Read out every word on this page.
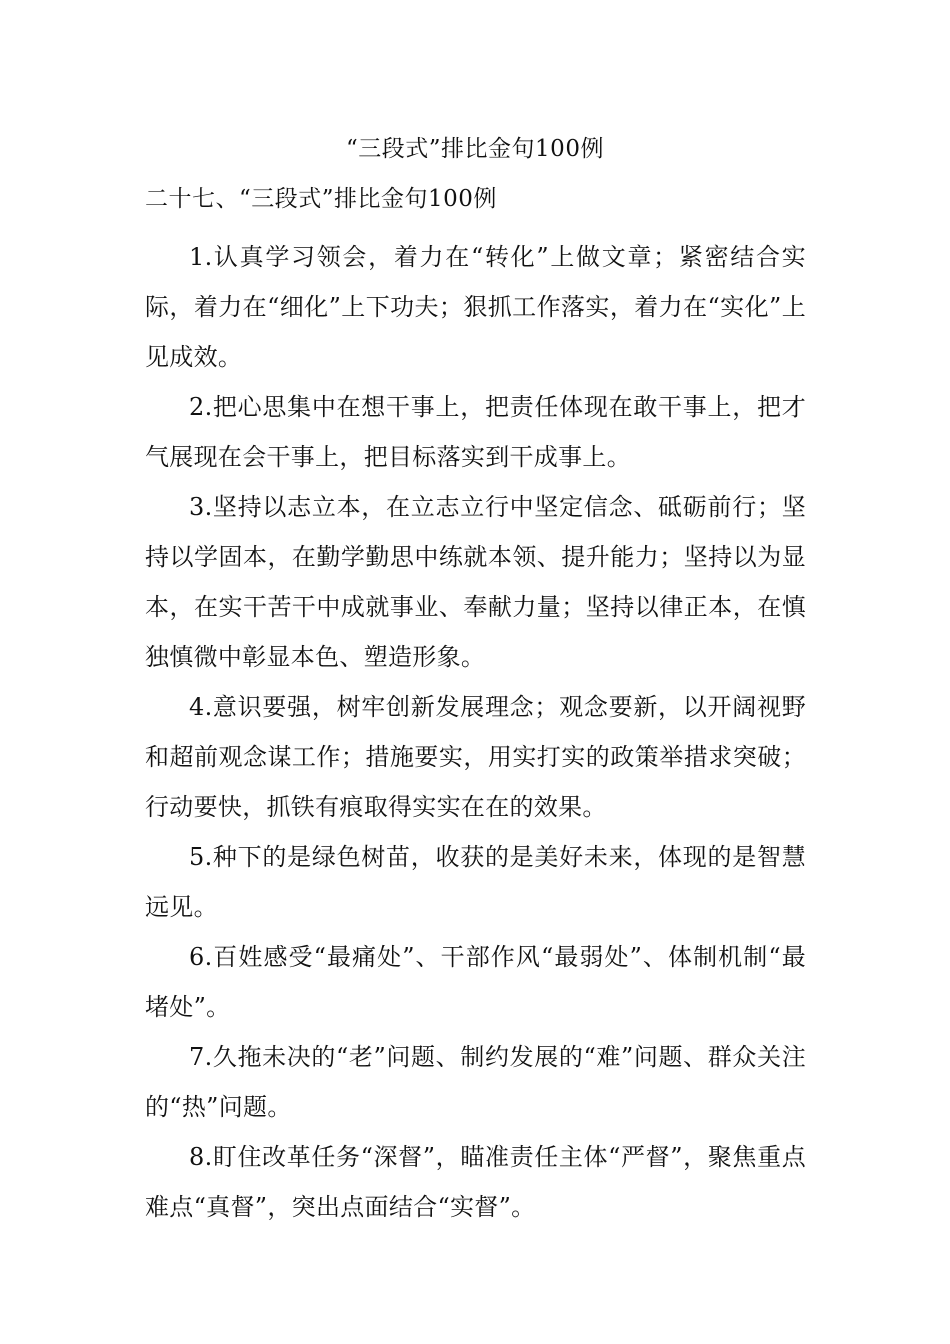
“三段式”排比金句100例
二十七、“三段式”排比金句100例

1.认真学习领会，着力在“转化”上做文章；紧密结合实际，着力在“细化”上下功夫；狠抓工作落实，着力在“实化”上见成效。

2.把心思集中在想干事上，把责任体现在敢干事上，把才气展现在会干事上，把目标落实到干成事上。

3.坚持以志立本，在立志立行中坚定信念、砥砺前行；坚持以学固本，在勤学勤思中练就本领、提升能力；坚持以为显本，在实干苦干中成就事业、奉献力量；坚持以律正本，在慎独慎微中彰显本色、塑造形象。

4.意识要强，树牢创新发展理念；观念要新，以开阔视野和超前观念谋工作；措施要实，用实打实的政策举措求突破；行动要快，抓铁有痕取得实实在在的效果。

5.种下的是绿色树苗，收获的是美好未来，体现的是智慧远见。

6.百姓感受“最痛处”、干部作风“最弱处”、体制机制“最堵处”。

7.久拖未决的“老”问题、制约发展的“难”问题、群众关注的“热”问题。

8.盯住改革任务“深督”，瞄准责任主体“严督”，聚焦重点难点“真督”，突出点面结合“实督”。
